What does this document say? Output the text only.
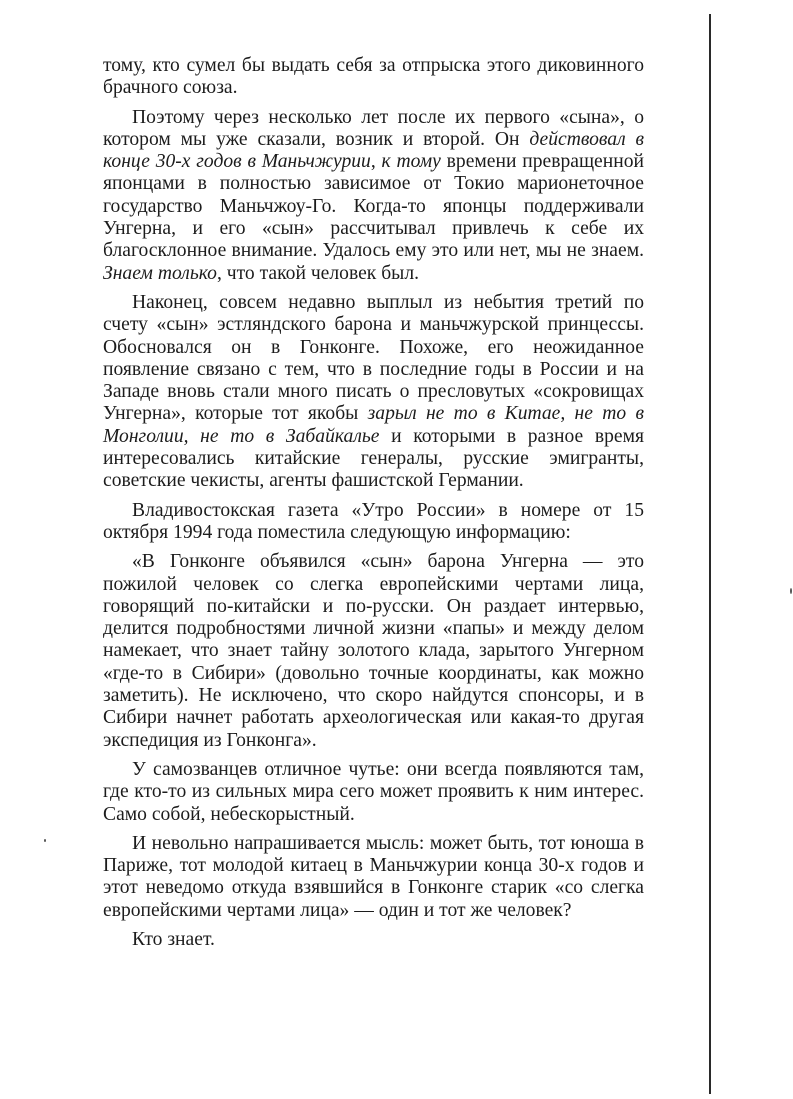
тому, кто сумел бы выдать себя за отпрыска этого диковинного брачного союза.

Поэтому через несколько лет после их первого «сына», о котором мы уже сказали, возник и второй. Он действовал в конце 30-х годов в Маньчжурии, к тому времени превращенной японцами в полностью зависимое от Токио марионеточное государство Маньчжоу-Го. Когда-то японцы поддерживали Унгерна, и его «сын» рассчитывал привлечь к себе их благосклонное внимание. Удалось ему это или нет, мы не знаем. Знаем только, что такой человек был.

Наконец, совсем недавно выплыл из небытия третий по счету «сын» эстляндского барона и маньчжурской принцессы. Обосновался он в Гонконге. Похоже, его неожиданное появление связано с тем, что в последние годы в России и на Западе вновь стали много писать о пресловутых «сокровищах Унгерна», которые тот якобы зарыл не то в Китае, не то в Монголии, не то в Забайкалье и которыми в разное время интересовались китайские генералы, русские эмигранты, советские чекисты, агенты фашистской Германии.

Владивостокская газета «Утро России» в номере от 15 октября 1994 года поместила следующую информацию:

«В Гонконге объявился «сын» барона Унгерна — это пожилой человек со слегка европейскими чертами лица, говорящий по-китайски и по-русски. Он раздает интервью, делится подробностями личной жизни «папы» и между делом намекает, что знает тайну золотого клада, зарытого Унгерном «где-то в Сибири» (довольно точные координаты, как можно заметить). Не исключено, что скоро найдутся спонсоры, и в Сибири начнет работать археологическая или какая-то другая экспедиция из Гонконга».

У самозванцев отличное чутье: они всегда появляются там, где кто-то из сильных мира сего может проявить к ним интерес. Само собой, небескорыстный.

И невольно напрашивается мысль: может быть, тот юноша в Париже, тот молодой китаец в Маньчжурии конца 30-х годов и этот неведомо откуда взявшийся в Гонконге старик «со слегка европейскими чертами лица» — один и тот же человек?

Кто знает.
